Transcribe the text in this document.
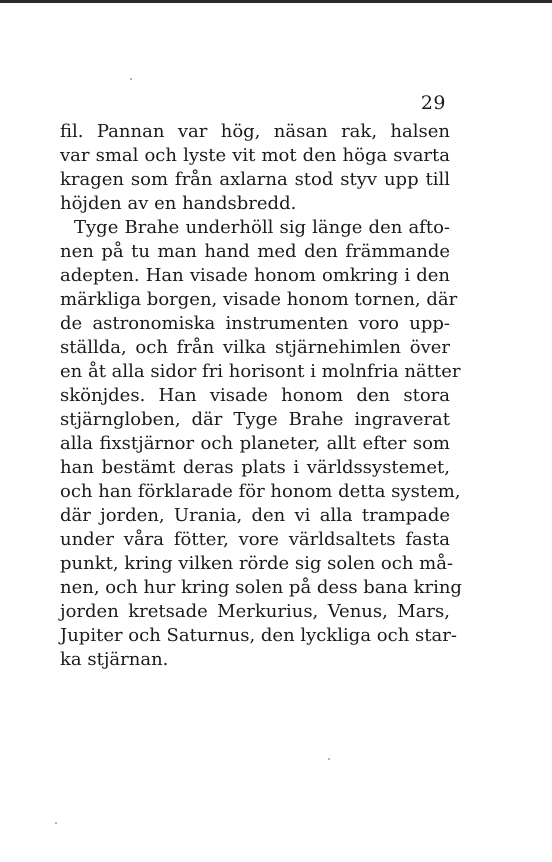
29
fil. Pannan var hög, näsan rak, halsen
var smal och lyste vit mot den höga svarta
kragen som från axlarna stod styv upp till
höjden av en handsbredd.
Tyge Brahe underhöll sig länge den afto-
nen på tu man hand med den främmande
adepten. Han visade honom omkring i den
märkliga borgen, visade honom tornen, där
de astronomiska instrumenten voro upp-
ställda, och från vilka stjärnehimlen över
en åt alla sidor fri horisont i molnfria nätter
skönjdes. Han visade honom den stora
stjärngloben, där Tyge Brahe ingraverat
alla fixstjärnor och planeter, allt efter som
han bestämt deras plats i världssystemet,
och han förklarade för honom detta system,
där jorden, Urania, den vi alla trampade
under våra fötter, vore världsaltets fasta
punkt, kring vilken rörde sig solen och må-
nen, och hur kring solen på dess bana kring
jorden kretsade Merkurius, Venus, Mars,
Jupiter och Saturnus, den lyckliga och star-
ka stjärnan.
